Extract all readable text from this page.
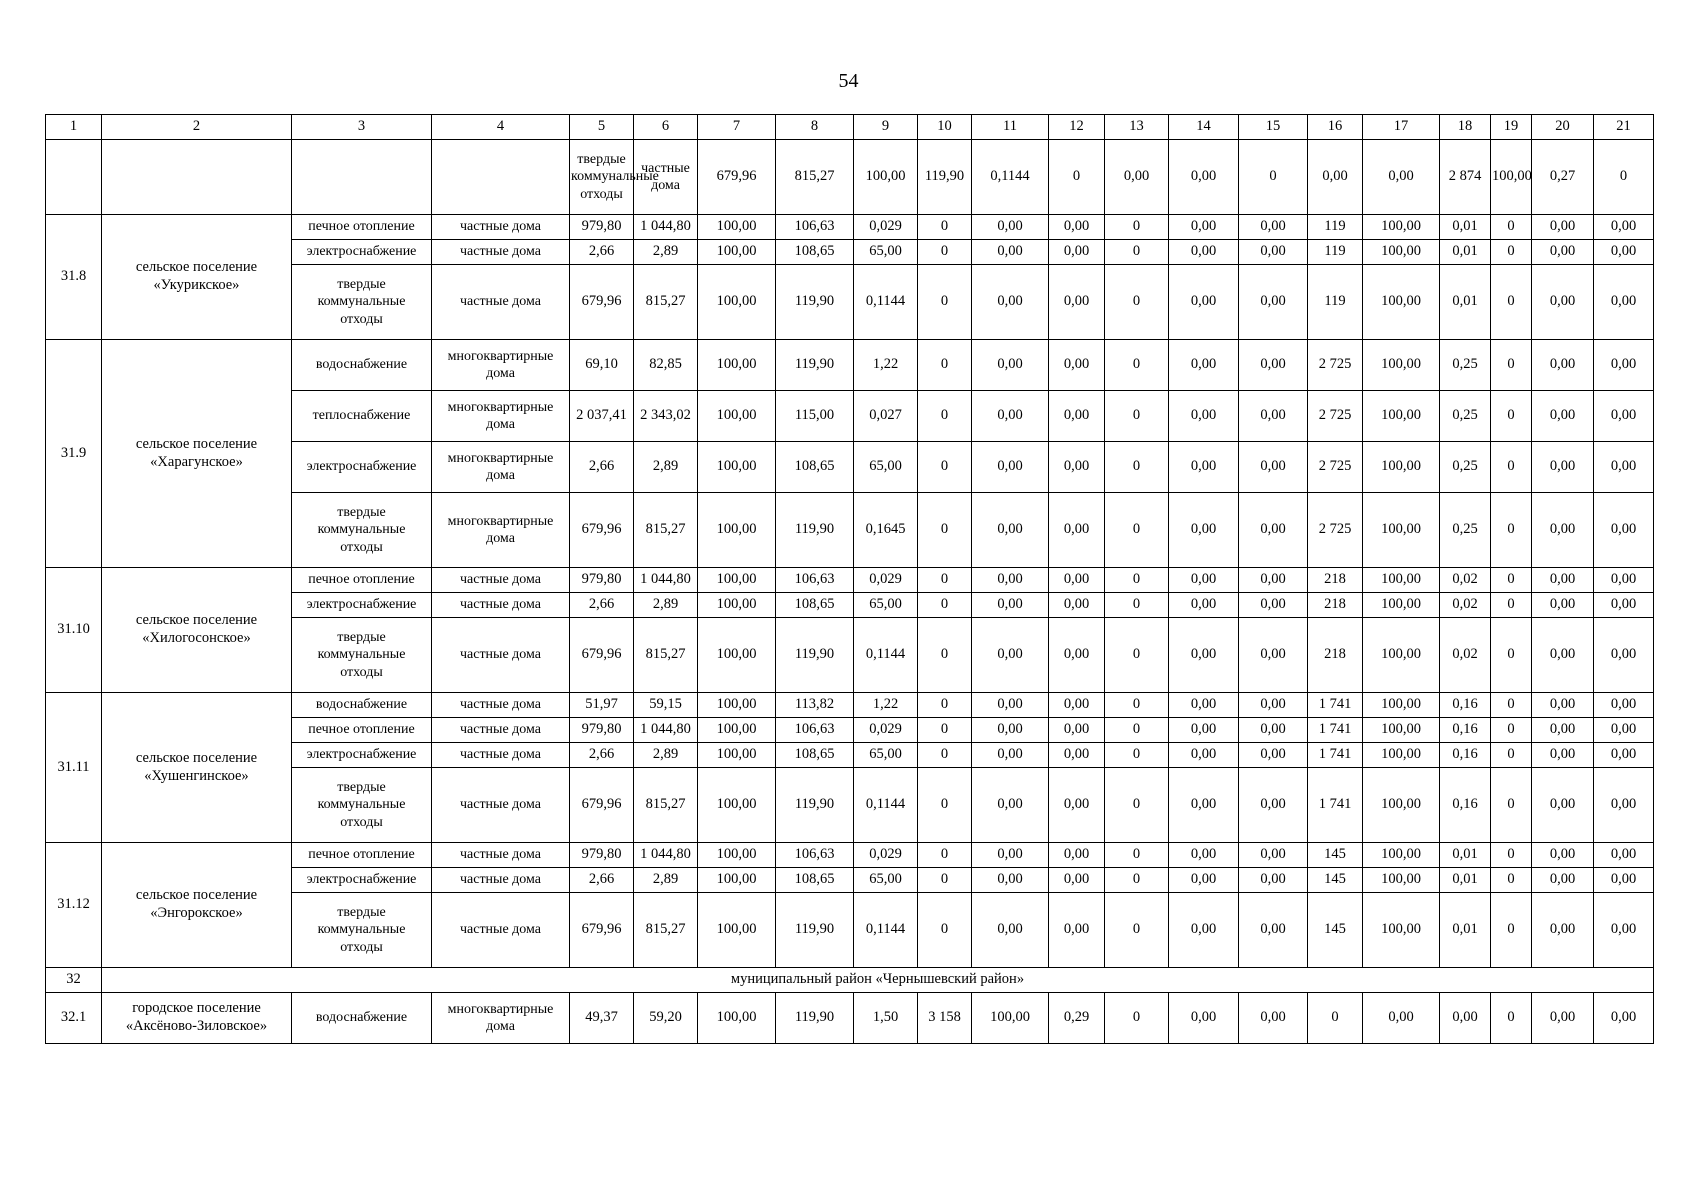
54
1	2	3	4	5	6	7	8	9	10	11	12	13	14	15	16	17	18	19	20	21	
				твердые
коммунальные
отходы	частные дома	679,96	815,27	100,00	119,90	0,1144	0	0,00	0,00	0	0,00	0,00	2 874	100,00	0,27	0		
31.8	сельское поселение
«Укурикское»	печное отопление	частные дома	979,80	1 044,80	100,00	106,63	0,029	0	0,00	0,00	0	0,00	0,00	119	100,00	0,01	0	0,00	0,00	
		электроснабжение	частные дома	2,66	2,89	100,00	108,65	65,00	0	0,00	0,00	0	0,00	0,00	119	100,00	0,01	0	0,00	0,00	
		твердые
коммунальные
отходы	частные дома	679,96	815,27	100,00	119,90	0,1144	0	0,00	0,00	0	0,00	0,00	119	100,00	0,01	0	0,00	0,00	
31.9	сельское поселение
«Харагунское»	водоснабжение	многоквартирные
дома	69,10	82,85	100,00	119,90	1,22	0	0,00	0,00	0	0,00	0,00	2 725	100,00	0,25	0	0,00	0,00	
		теплоснабжение	многоквартирные
дома	2 037,41	2 343,02	100,00	115,00	0,027	0	0,00	0,00	0	0,00	0,00	2 725	100,00	0,25	0	0,00	0,00	
		электроснабжение	многоквартирные
дома	2,66	2,89	100,00	108,65	65,00	0	0,00	0,00	0	0,00	0,00	2 725	100,00	0,25	0	0,00	0,00	
		твердые
коммунальные
отходы	многоквартирные
дома	679,96	815,27	100,00	119,90	0,1645	0	0,00	0,00	0	0,00	0,00	2 725	100,00	0,25	0	0,00	0,00	
31.10	сельское поселение
«Хилогосонское»	печное отопление	частные дома	979,80	1 044,80	100,00	106,63	0,029	0	0,00	0,00	0	0,00	0,00	218	100,00	0,02	0	0,00	0,00	
		электроснабжение	частные дома	2,66	2,89	100,00	108,65	65,00	0	0,00	0,00	0	0,00	0,00	218	100,00	0,02	0	0,00	0,00	
		твердые
коммунальные
отходы	частные дома	679,96	815,27	100,00	119,90	0,1144	0	0,00	0,00	0	0,00	0,00	218	100,00	0,02	0	0,00	0,00	
31.11	сельское поселение
«Хушенгинское»	водоснабжение	частные дома	51,97	59,15	100,00	113,82	1,22	0	0,00	0,00	0	0,00	0,00	1 741	100,00	0,16	0	0,00	0,00	
		печное отопление	частные дома	979,80	1 044,80	100,00	106,63	0,029	0	0,00	0,00	0	0,00	0,00	1 741	100,00	0,16	0	0,00	0,00	
		электроснабжение	частные дома	2,66	2,89	100,00	108,65	65,00	0	0,00	0,00	0	0,00	0,00	1 741	100,00	0,16	0	0,00	0,00	
		твердые
коммунальные
отходы	частные дома	679,96	815,27	100,00	119,90	0,1144	0	0,00	0,00	0	0,00	0,00	1 741	100,00	0,16	0	0,00	0,00	
31.12	сельское поселение
«Энгорокское»	печное отопление	частные дома	979,80	1 044,80	100,00	106,63	0,029	0	0,00	0,00	0	0,00	0,00	145	100,00	0,01	0	0,00	0,00	
		электроснабжение	частные дома	2,66	2,89	100,00	108,65	65,00	0	0,00	0,00	0	0,00	0,00	145	100,00	0,01	0	0,00	0,00	
		твердые
коммунальные
отходы	частные дома	679,96	815,27	100,00	119,90	0,1144	0	0,00	0,00	0	0,00	0,00	145	100,00	0,01	0	0,00	0,00	
32	муниципальный район «Чернышевский район»																				
32.1	городское поселение
«Аксёново-Зиловское»	водоснабжение	многоквартирные
дома	49,37	59,20	100,00	119,90	1,50	3 158	100,00	0,29	0	0,00	0,00	0	0,00	0,00	0	0,00	0,00	
